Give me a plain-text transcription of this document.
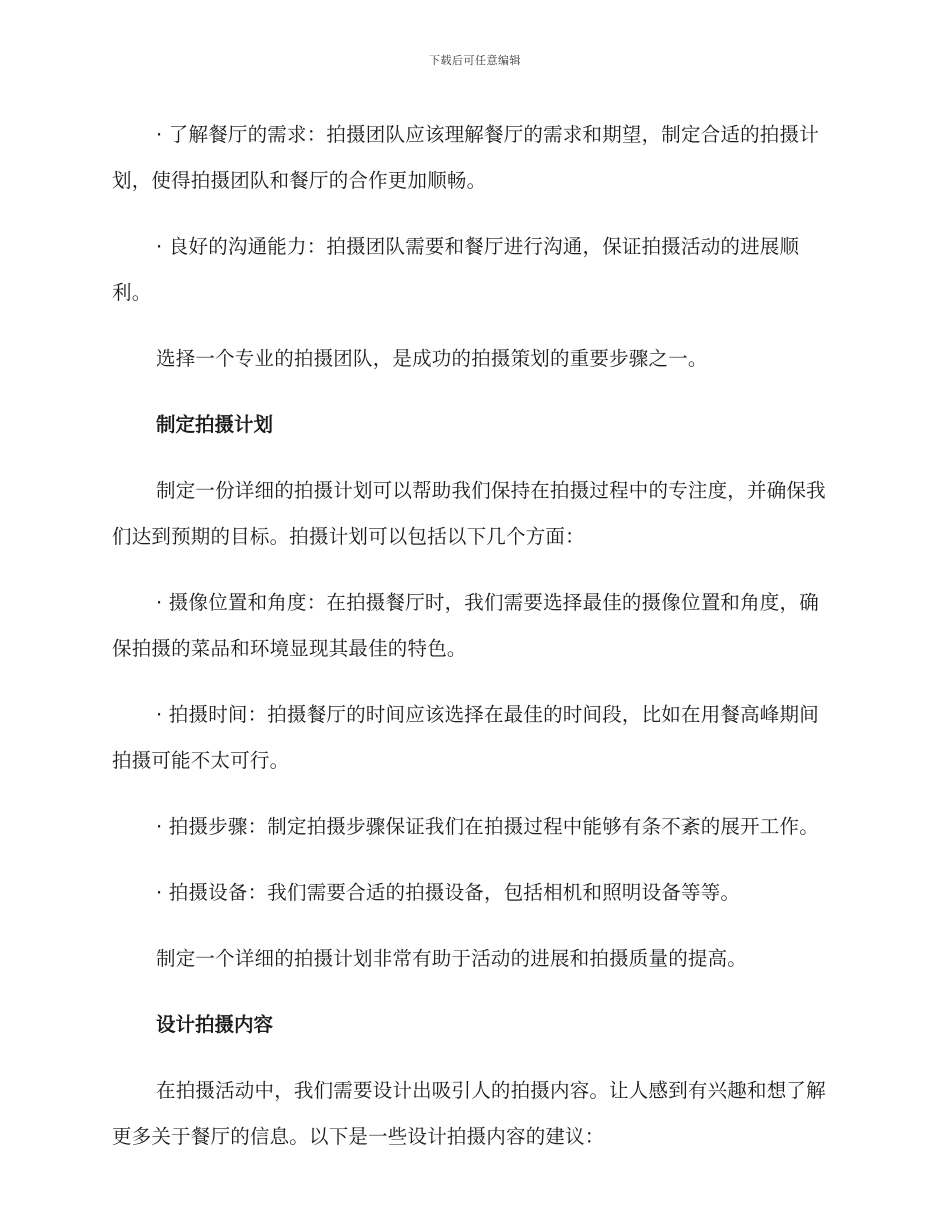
下载后可任意编辑

· 了解餐厅的需求：拍摄团队应该理解餐厅的需求和期望，制定合适的拍摄计划，使得拍摄团队和餐厅的合作更加顺畅。

· 良好的沟通能力：拍摄团队需要和餐厅进行沟通，保证拍摄活动的进展顺利。

选择一个专业的拍摄团队，是成功的拍摄策划的重要步骤之一。

制定拍摄计划

制定一份详细的拍摄计划可以帮助我们保持在拍摄过程中的专注度，并确保我们达到预期的目标。拍摄计划可以包括以下几个方面：

· 摄像位置和角度：在拍摄餐厅时，我们需要选择最佳的摄像位置和角度，确保拍摄的菜品和环境显现其最佳的特色。

· 拍摄时间：拍摄餐厅的时间应该选择在最佳的时间段，比如在用餐高峰期间拍摄可能不太可行。

· 拍摄步骤：制定拍摄步骤保证我们在拍摄过程中能够有条不紊的展开工作。

· 拍摄设备：我们需要合适的拍摄设备，包括相机和照明设备等等。

制定一个详细的拍摄计划非常有助于活动的进展和拍摄质量的提高。

设计拍摄内容

在拍摄活动中，我们需要设计出吸引人的拍摄内容。让人感到有兴趣和想了解更多关于餐厅的信息。以下是一些设计拍摄内容的建议：
